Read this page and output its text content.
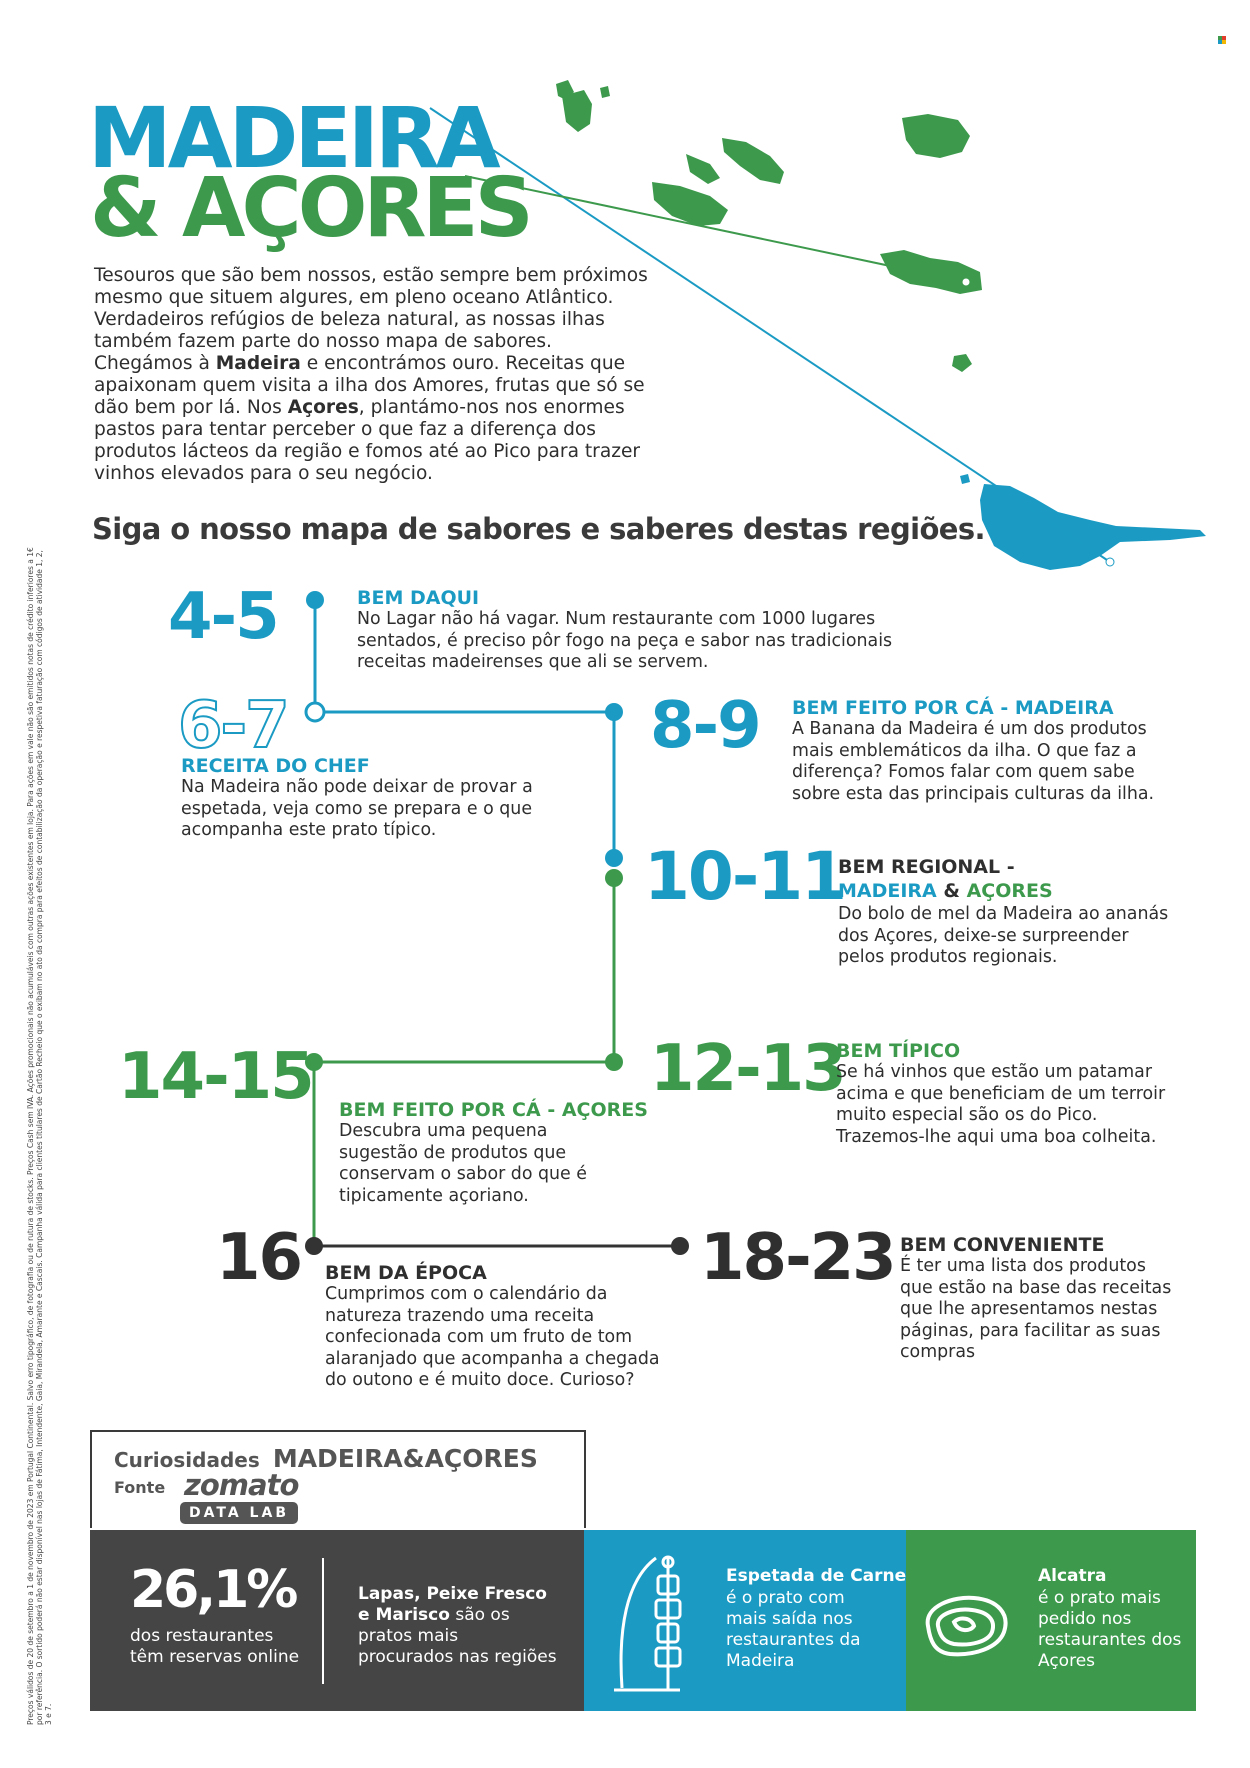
MADEIRA
& AÇORES
Tesouros que são bem nossos, estão sempre bem próximos mesmo que situem algures, em pleno oceano Atlântico. Verdadeiros refúgios de beleza natural, as nossas ilhas também fazem parte do nosso mapa de sabores. Chegámos à Madeira e encontrámos ouro. Receitas que apaixonam quem visita a ilha dos Amores, frutas que só se dão bem por lá. Nos Açores, plantámo-nos nos enormes pastos para tentar perceber o que faz a diferença dos produtos lácteos da região e fomos até ao Pico para trazer vinhos elevados para o seu negócio.
Siga o nosso mapa de sabores e saberes destas regiões.
4-5	BEM DAQUI
No Lagar não há vagar. Num restaurante com 1000 lugares sentados, é preciso pôr fogo na peça e sabor nas tradicionais receitas madeirenses que ali se servem.
6-7
RECEITA DO CHEF
Na Madeira não pode deixar de provar a espetada, veja como se prepara e o que acompanha este prato típico.
8-9 BEM FEITO POR CÁ - MADEIRA
A Banana da Madeira é um dos produtos mais emblemáticos da ilha. O que faz a diferença? Fomos falar com quem sabe sobre esta das principais culturas da ilha.
10-11
BEM REGIONAL -
MADEIRA & AÇORES
Do bolo de mel da Madeira ao ananás dos Açores, deixe-se surpreender pelos produtos regionais.
12-13
BEM TÍPICO
Se há vinhos que estão um patamar acima e que beneficiam de um terroir muito especial são os do Pico. Trazemos-lhe aqui uma boa colheita.
14-15 BEM FEITO POR CÁ - AÇORES
Descubra uma pequena sugestão de produtos que conservam o sabor do que é tipicamente açoriano.
16 BEM DA ÉPOCA
Cumprimos com o calendário da natureza trazendo uma receita confecionada com um fruto de tom alaranjado que acompanha a chegada do outono e é muito doce. Curioso?
18-23 BEM CONVENIENTE
É ter uma lista dos produtos que estão na base das receitas que lhe apresentamos nestas páginas, para facilitar as suas compras
Curiosidades MADEIRA&AÇORES
Fonte zomato
DATA LAB
26,1%
dos restaurantes têm reservas online
Lapas, Peixe Fresco e Marisco são os pratos mais procurados nas regiões
Espetada de Carne
é o prato com mais saída nos restaurantes da Madeira
Alcatra
é o prato mais pedido nos restaurantes dos Açores
Preços válidos de 20 de setembro a 1 de novembro de 2023 em Portugal Continental. Salvo erro tipográfico, de fotografia ou de rutura de stocks. Preços Cash sem IVA. Ações promocionais não acumuláveis com outras ações existentes em loja. Para ações em vale não são emitidos notas de crédito inferiores a 1€ por referência. O sortido poderá não estar disponível nas lojas de Fátima, Intendente, Gaia, Mirandela, Amarante e Cascais. Campanha válida para clientes titulares de Cartão Recheio que o exibam no ato da compra para efeitos de contabilização da operação e respetiva faturação com códigos de atividade 1, 2, 3 e 7.
